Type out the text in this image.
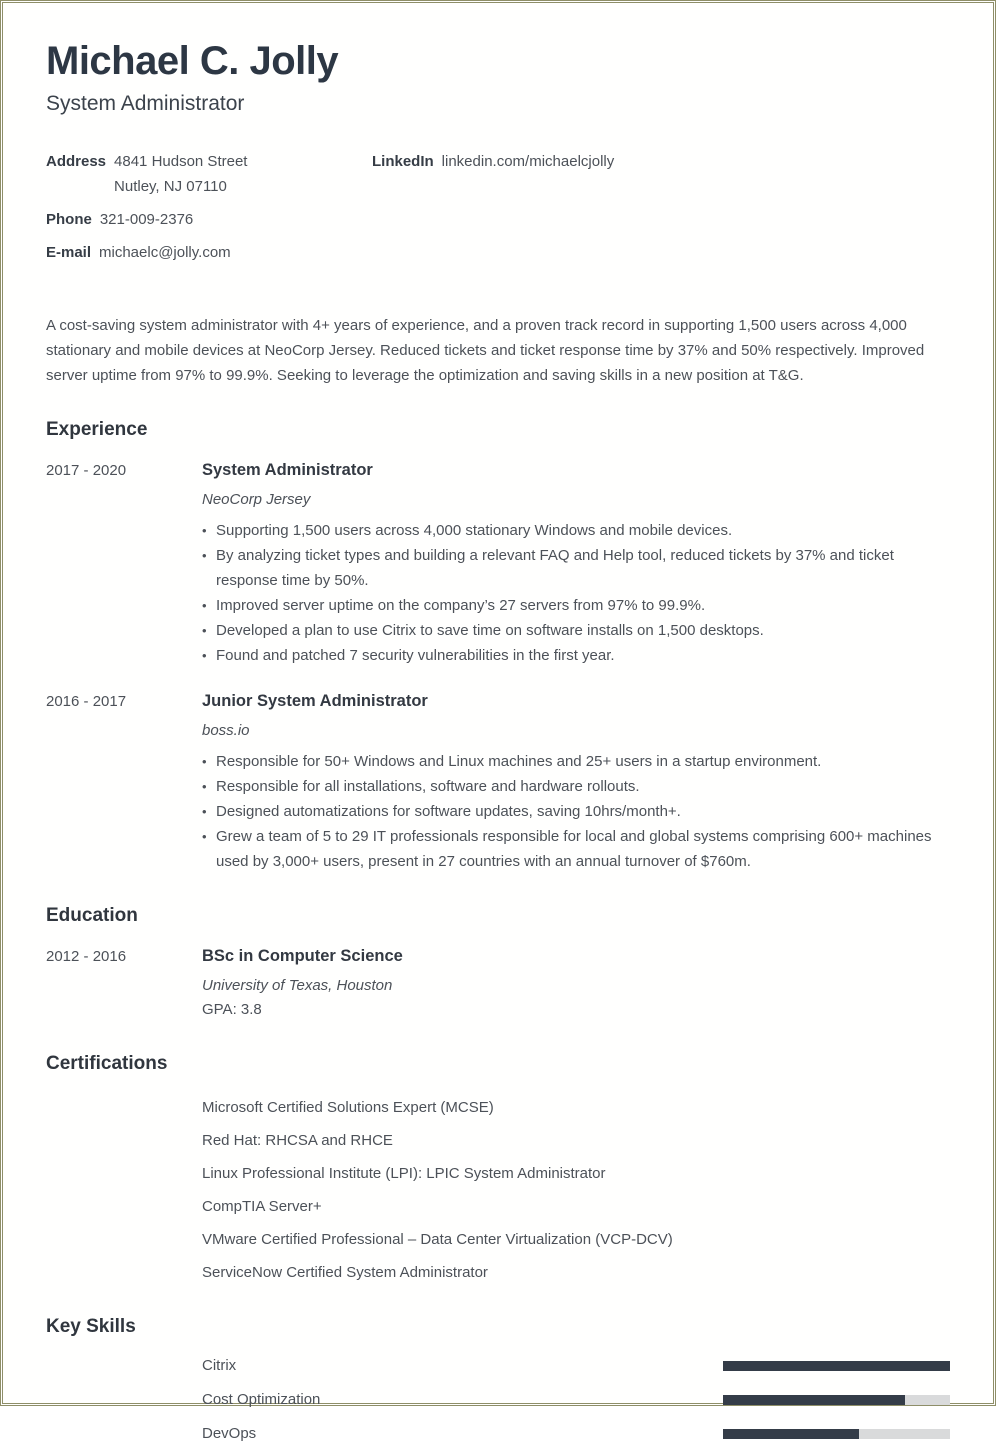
Michael C. Jolly
System Administrator
Address 4841 Hudson Street
Nutley, NJ 07110
Phone 321-009-2376
E-mail michaelc@jolly.com
LinkedIn linkedin.com/michaelcjolly

A cost-saving system administrator with 4+ years of experience, and a proven track record in supporting 1,500 users across 4,000 stationary and mobile devices at NeoCorp Jersey. Reduced tickets and ticket response time by 37% and 50% respectively. Improved server uptime from 97% to 99.9%. Seeking to leverage the optimization and saving skills in a new position at T&G.

Experience
2017 - 2020	System Administrator
NeoCorp Jersey
• Supporting 1,500 users across 4,000 stationary Windows and mobile devices.
• By analyzing ticket types and building a relevant FAQ and Help tool, reduced tickets by 37% and ticket response time by 50%.
• Improved server uptime on the company’s 27 servers from 97% to 99.9%.
• Developed a plan to use Citrix to save time on software installs on 1,500 desktops.
• Found and patched 7 security vulnerabilities in the first year.
2016 - 2017	Junior System Administrator
boss.io
• Responsible for 50+ Windows and Linux machines and 25+ users in a startup environment.
• Responsible for all installations, software and hardware rollouts.
• Designed automatizations for software updates, saving 10hrs/month+.
• Grew a team of 5 to 29 IT professionals responsible for local and global systems comprising 600+ machines used by 3,000+ users, present in 27 countries with an annual turnover of $760m.
Education
2012 - 2016	BSc in Computer Science
University of Texas, Houston
GPA: 3.8
Certifications
Microsoft Certified Solutions Expert (MCSE)
Red Hat: RHCSA and RHCE
Linux Professional Institute (LPI): LPIC System Administrator
CompTIA Server+
VMware Certified Professional – Data Center Virtualization (VCP-DCV)
ServiceNow Certified System Administrator
Key Skills
Citrix
Cost Optimization
DevOps
